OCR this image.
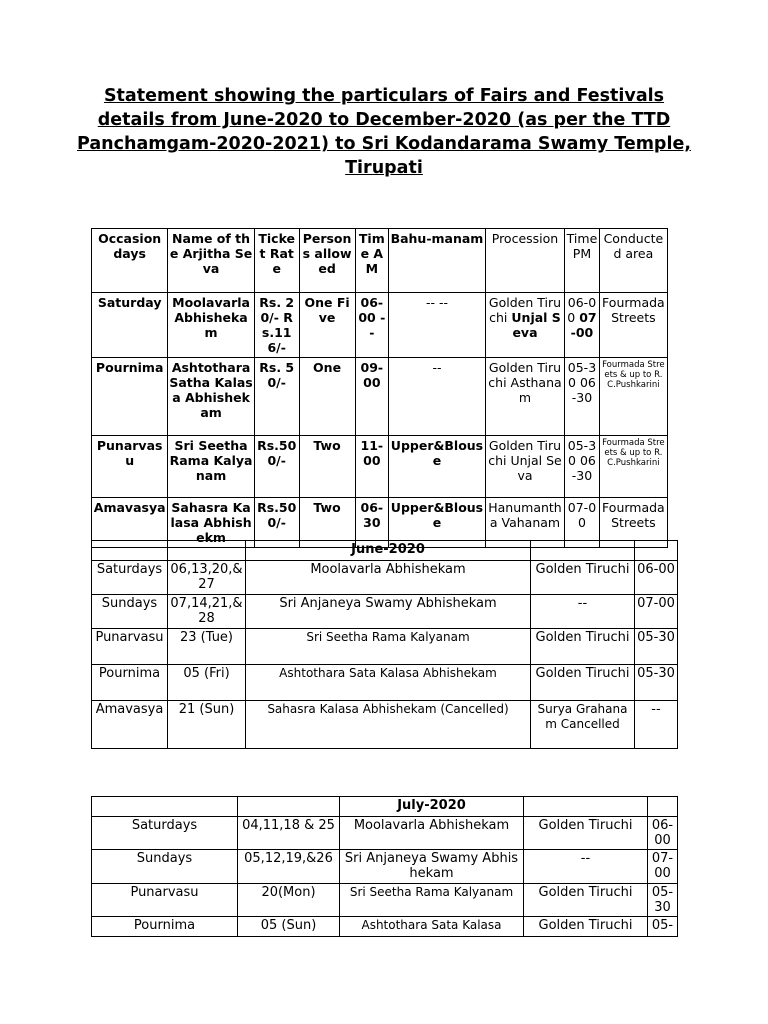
Statement showing the particulars of Fairs and Festivals details from June-2020 to December-2020 (as per the TTD Panchamgam-2020-2021) to Sri Kodandarama Swamy Temple, Tirupati
Occasion days	Name of the Arjitha Seva	Ticket Rate	Persons allowed	Time AM	Bahu-manam	Procession	Time PM	Conducted area
Saturday	Moolavarla Abhishekam	Rs. 20/- Rs.116/-	One Five	06-00 --	-- --	Golden Tiruchi Unjal Seva	06-00 07-00	Fourmada Streets
Pournima	Ashtothara Satha Kalasa Abhishekam	Rs. 50/-	One	09-00	--	Golden Tiruchi Asthanam	05-30 06-30	Fourmada Streets & up to R.C.Pushkarini
Punarvasu	Sri Seetha Rama Kalyanam	Rs.500/-	Two	11-00	Upper&Blouse	Golden Tiruchi Unjal Seva	05-30 06-30	Fourmada Streets & up to R.C.Pushkarini
Amavasya	Sahasra Kalasa Abhishekm	Rs.500/-	Two	06-30	Upper&Blouse	Hanumantha Vahanam	07-00	Fourmada Streets
		June-2020		
Saturdays	06,13,20,& 27	Moolavarla Abhishekam	Golden Tiruchi	06-00
Sundays	07,14,21,& 28	Sri Anjaneya Swamy Abhishekam	--	07-00
Punarvasu	23 (Tue)	Sri Seetha Rama Kalyanam	Golden Tiruchi	05-30
Pournima	05 (Fri)	Ashtothara Sata Kalasa Abhishekam	Golden Tiruchi	05-30
Amavasya	21 (Sun)	Sahasra Kalasa Abhishekam (Cancelled)	Surya Grahanam Cancelled	--
		July-2020		
Saturdays	04,11,18 & 25	Moolavarla Abhishekam	Golden Tiruchi	06-00
Sundays	05,12,19,&26	Sri Anjaneya Swamy Abhishekam	--	07-00
Punarvasu	20(Mon)	Sri Seetha Rama Kalyanam	Golden Tiruchi	05-30
Pournima	05 (Sun)	Ashtothara Sata Kalasa	Golden Tiruchi	05-
